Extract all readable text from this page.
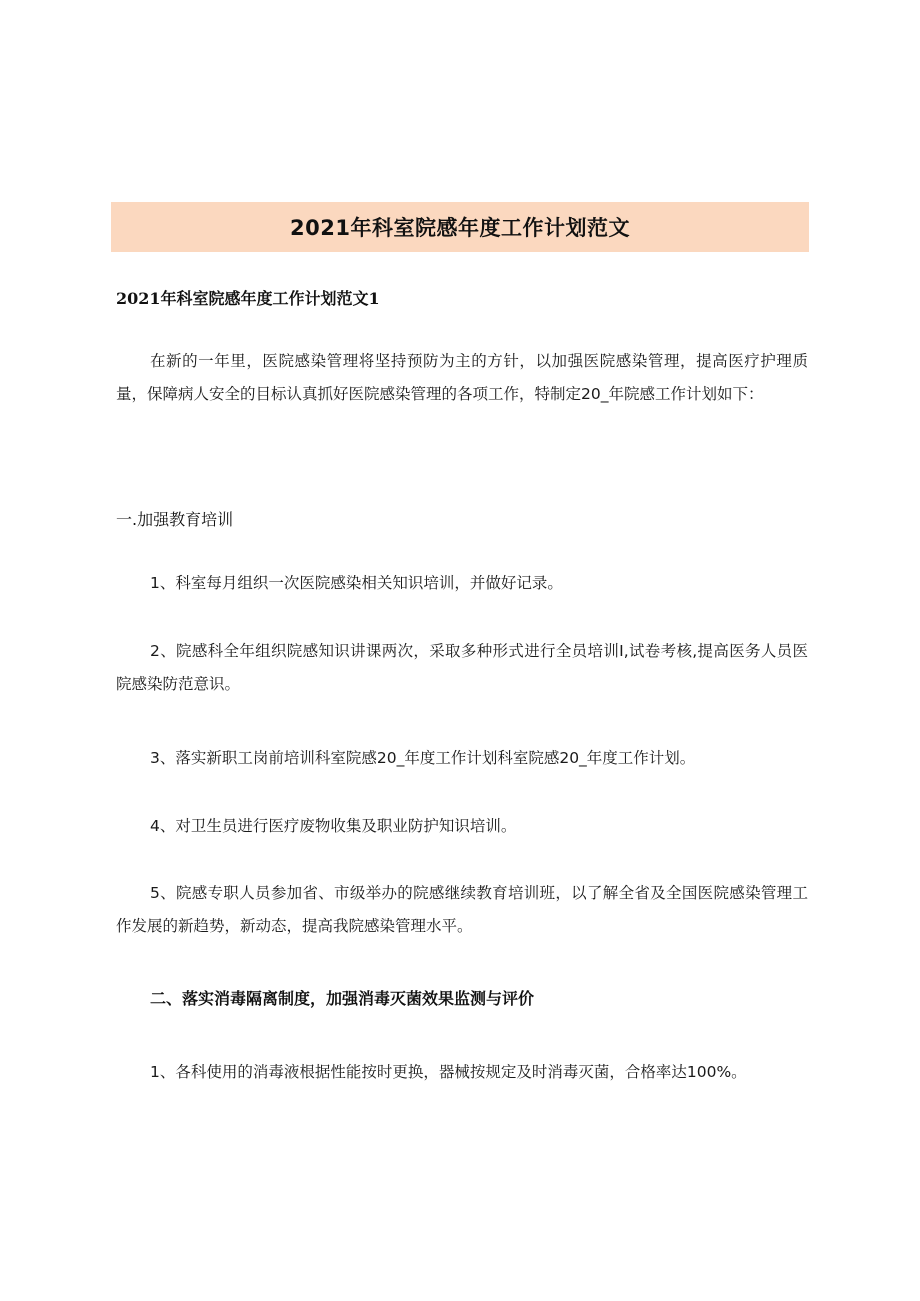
2021年科室院感年度工作计划范文
2021年科室院感年度工作计划范文1
在新的一年里，医院感染管理将坚持预防为主的方针，以加强医院感染管理，提高医疗护理质量，保障病人安全的目标认真抓好医院感染管理的各项工作，特制定20_年院感工作计划如下：
一.加强教育培训
1、科室每月组织一次医院感染相关知识培训，并做好记录。
2、院感科全年组织院感知识讲课两次，采取多种形式进行全员培训I,试卷考核,提高医务人员医院感染防范意识。
3、落实新职工岗前培训科室院感20_年度工作计划科室院感20_年度工作计划。
4、对卫生员进行医疗废物收集及职业防护知识培训。
5、院感专职人员参加省、市级举办的院感继续教育培训班，以了解全省及全国医院感染管理工作发展的新趋势，新动态，提高我院感染管理水平。
二、落实消毒隔离制度，加强消毒灭菌效果监测与评价
1、各科使用的消毒液根据性能按时更换，器械按规定及时消毒灭菌，合格率达100%。
